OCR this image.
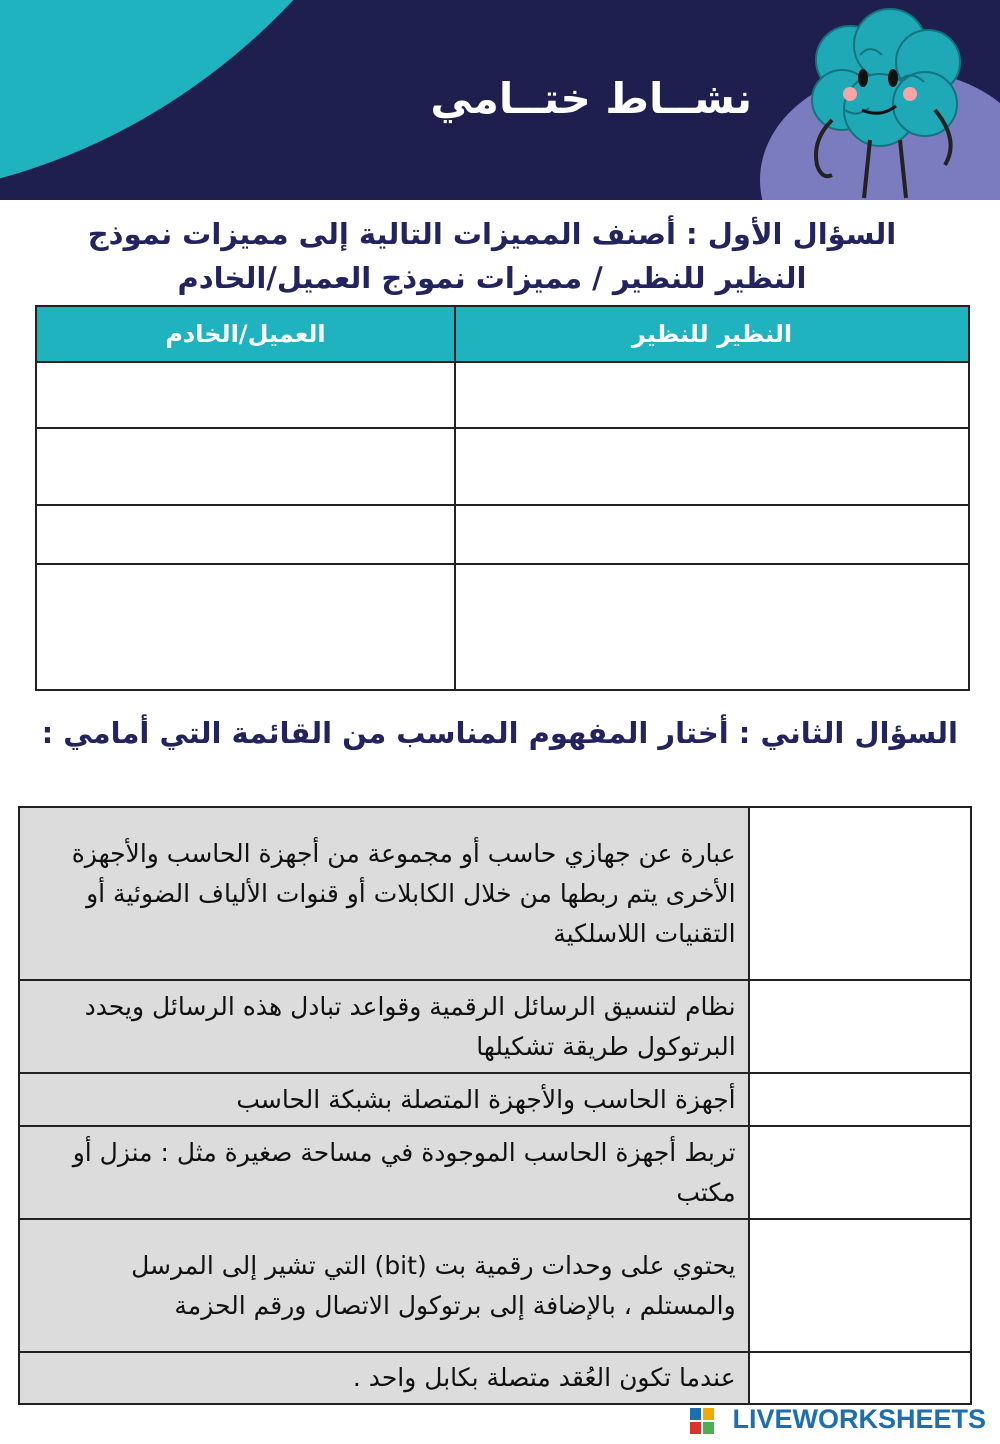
نشــاط ختــامي
السؤال الأول : أصنف المميزات التالية إلى مميزات نموذج النظير للنظير / مميزات نموذج العميل/الخادم
العميل/الخادم	النظير للنظير

السؤال الثاني : أختار المفهوم المناسب من القائمة التي أمامي :
عبارة عن جهازي حاسب أو مجموعة من أجهزة الحاسب والأجهزة الأخرى يتم ربطها من خلال الكابلات أو قنوات الألياف الضوئية أو التقنيات اللاسلكية	
نظام لتنسيق الرسائل الرقمية وقواعد تبادل هذه الرسائل ويحدد البرتوكول طريقة تشكيلها	
أجهزة الحاسب والأجهزة المتصلة بشبكة الحاسب	
تربط أجهزة الحاسب الموجودة في مساحة صغيرة مثل : منزل أو مكتب	
يحتوي على وحدات رقمية بت (bit) التي تشير إلى المرسل والمستلم ، بالإضافة إلى برتوكول الاتصال ورقم الحزمة	
عندما تكون العُقد متصلة بكابل واحد .	
LIVEWORKSHEETS
